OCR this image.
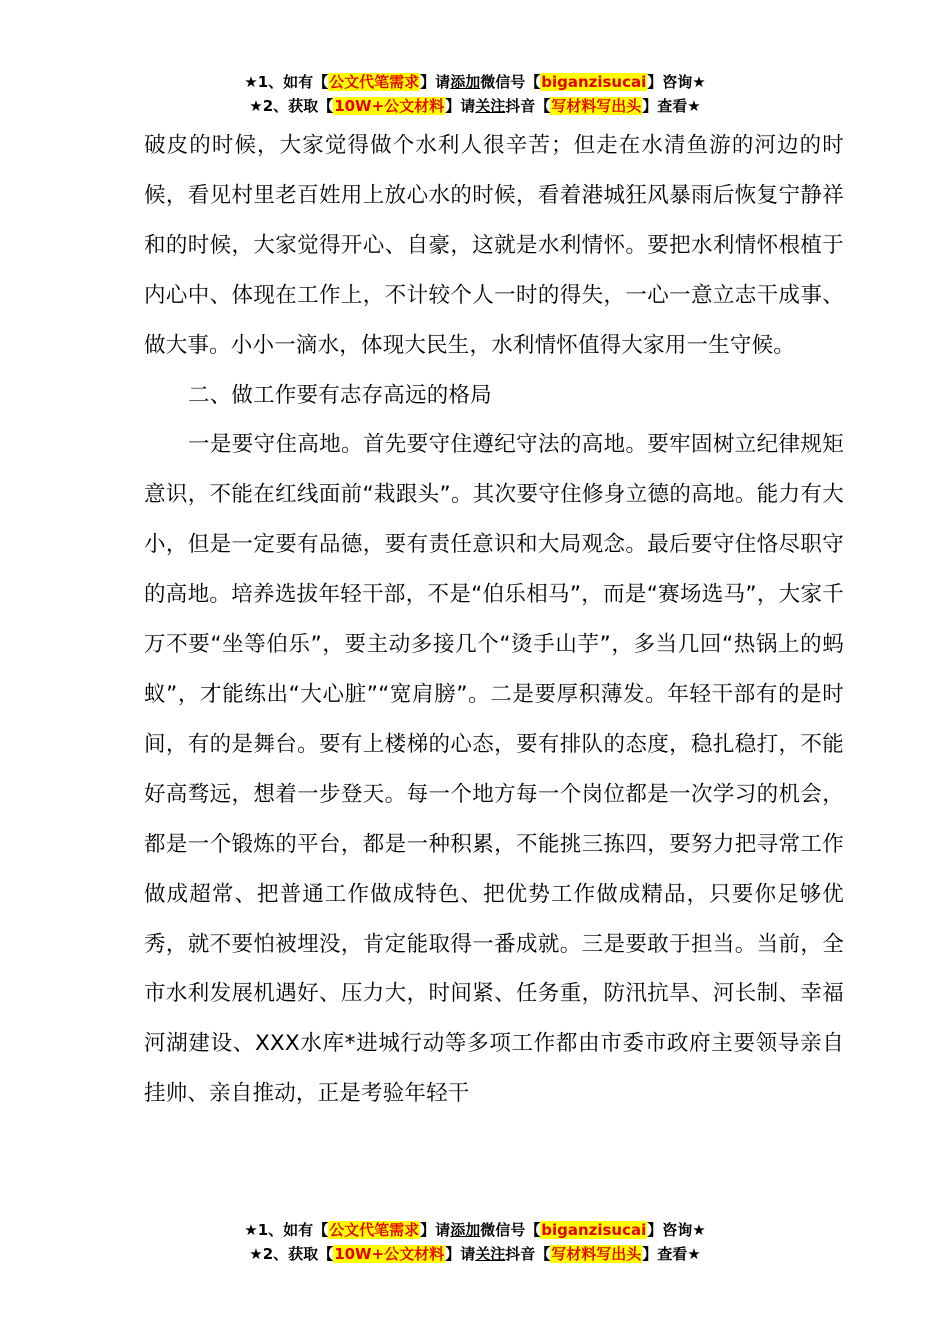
★1、如有【公文代笔需求】请添加微信号【biganzisucai】咨询★
★2、获取【10W+公文材料】请关注抖音【写材料写出头】查看★

破皮的时候，大家觉得做个水利人很辛苦；但走在水清鱼游的河边的时候，看见村里老百姓用上放心水的时候，看着港城狂风暴雨后恢复宁静祥和的时候，大家觉得开心、自豪，这就是水利情怀。要把水利情怀根植于内心中、体现在工作上，不计较个人一时的得失，一心一意立志干成事、做大事。小小一滴水，体现大民生，水利情怀值得大家用一生守候。

二、做工作要有志存高远的格局

一是要守住高地。首先要守住遵纪守法的高地。要牢固树立纪律规矩意识，不能在红线面前“栽跟头”。其次要守住修身立德的高地。能力有大小，但是一定要有品德，要有责任意识和大局观念。最后要守住恪尽职守的高地。培养选拔年轻干部，不是“伯乐相马”，而是“赛场选马”，大家千万不要“坐等伯乐”，要主动多接几个“烫手山芋”，多当几回“热锅上的蚂蚁”，才能练出“大心脏”“宽肩膀”。二是要厚积薄发。年轻干部有的是时间，有的是舞台。要有上楼梯的心态，要有排队的态度，稳扎稳打，不能好高骛远，想着一步登天。每一个地方每一个岗位都是一次学习的机会，都是一个锻炼的平台，都是一种积累，不能挑三拣四，要努力把寻常工作做成超常、把普通工作做成特色、把优势工作做成精品，只要你足够优秀，就不要怕被埋没，肯定能取得一番成就。三是要敢于担当。当前，全市水利发展机遇好、压力大，时间紧、任务重，防汛抗旱、河长制、幸福河湖建设、XXX水库*进城行动等多项工作都由市委市政府主要领导亲自挂帅、亲自推动，正是考验年轻干

★1、如有【公文代笔需求】请添加微信号【biganzisucai】咨询★
★2、获取【10W+公文材料】请关注抖音【写材料写出头】查看★
